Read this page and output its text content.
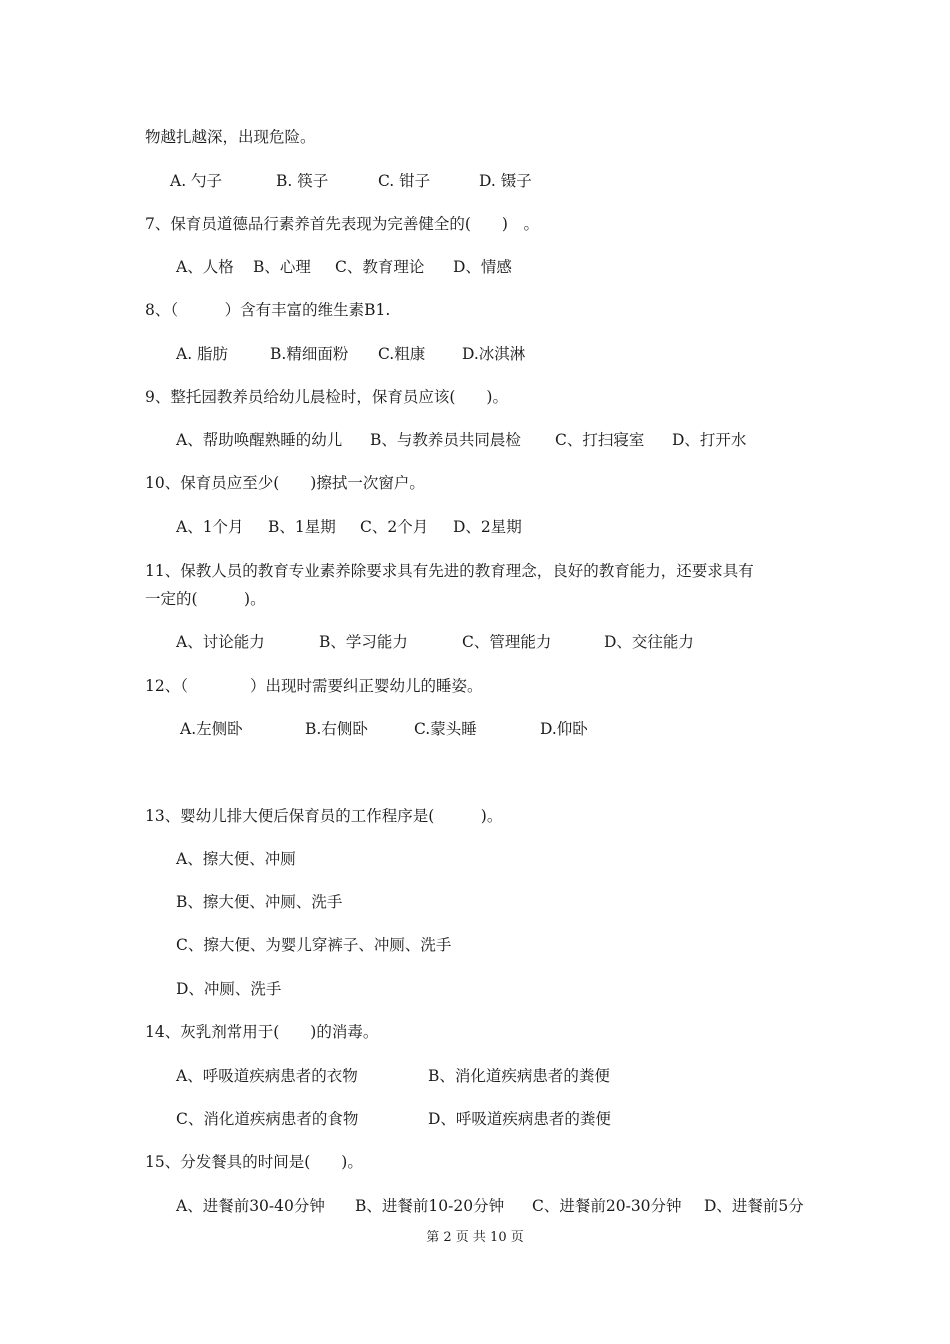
物越扎越深，出现危险。
A. 勺子	B. 筷子	C. 钳子	D. 镊子
7、保育员道德品行素养首先表现为完善健全的(　　)　。
A、人格 B、心理 C、教育理论 D、情感
8、（　　　）含有丰富的维生素B1.
A. 脂肪	B.精细面粉 C.粗康 D.冰淇淋
9、整托园教养员给幼儿晨检时，保育员应该(　　)。
A、帮助唤醒熟睡的幼儿 B、与教养员共同晨检 C、打扫寝室 D、打开水
10、保育员应至少(　　)擦拭一次窗户。
A、1个月 B、1星期 C、2个月 D、2星期
11、保教人员的教育专业素养除要求具有先进的教育理念，良好的教育能力，还要求具有
一定的(　　　)。
A、讨论能力	B、学习能力	C、管理能力	D、交往能力
12、（　　　　）出现时需要纠正婴幼儿的睡姿。
A.左侧卧	B.右侧卧	C.蒙头睡	D.仰卧
13、婴幼儿排大便后保育员的工作程序是(　　　)。
A、擦大便、冲厕
B、擦大便、冲厕、洗手
C、擦大便、为婴儿穿裤子、冲厕、洗手
D、冲厕、洗手
14、灰乳剂常用于(　　)的消毒。
A、呼吸道疾病患者的衣物	B、消化道疾病患者的粪便
C、消化道疾病患者的食物	D、呼吸道疾病患者的粪便
15、分发餐具的时间是(　　)。
A、进餐前30-40分钟 B、进餐前10-20分钟 C、进餐前20-30分钟 D、进餐前5分
第 2 页 共 10 页
